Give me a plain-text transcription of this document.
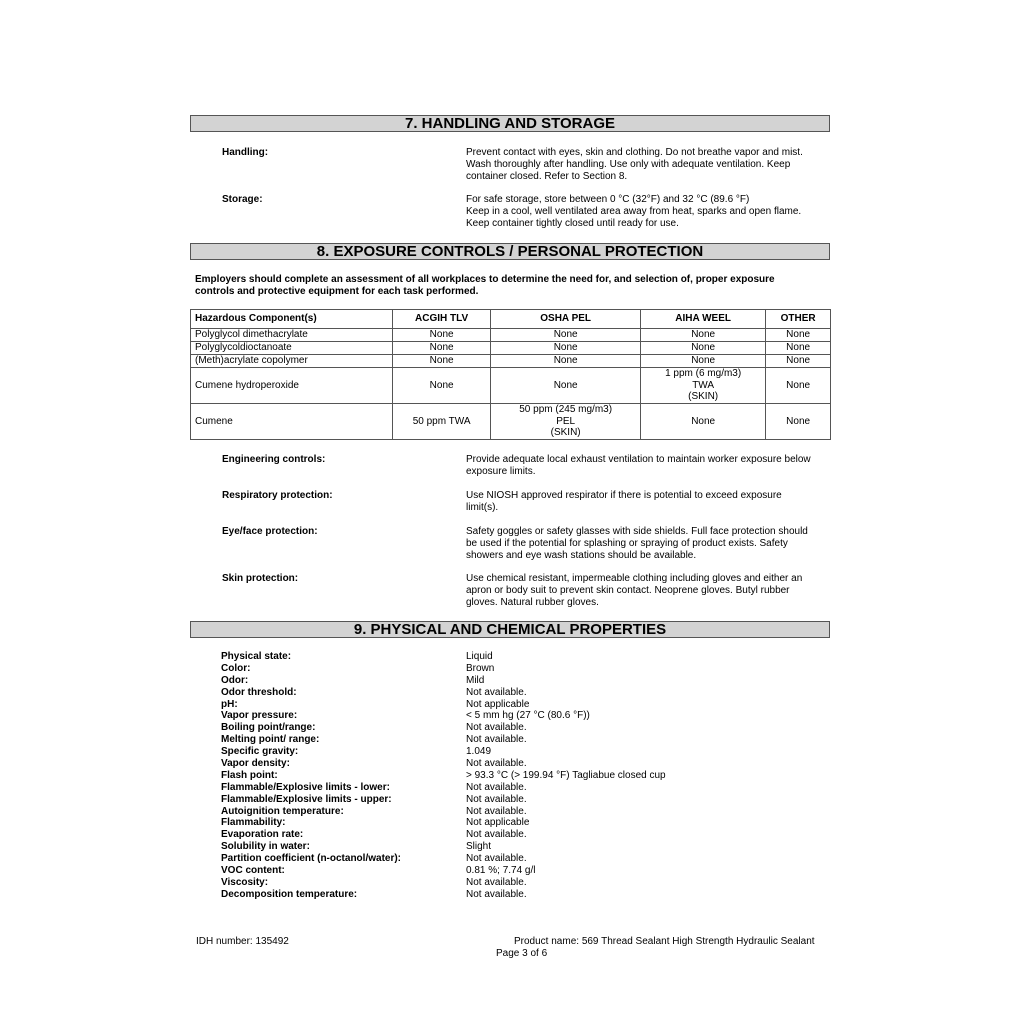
7. HANDLING AND STORAGE
Handling:	Prevent contact with eyes, skin and clothing. Do not breathe vapor and mist.
Wash thoroughly after handling. Use only with adequate ventilation. Keep
container closed. Refer to Section 8.
Storage:	For safe storage, store between 0 °C (32°F) and 32 °C (89.6 °F)
Keep in a cool, well ventilated area away from heat, sparks and open flame.
Keep container tightly closed until ready for use.
8. EXPOSURE CONTROLS / PERSONAL PROTECTION
Employers should complete an assessment of all workplaces to determine the need for, and selection of, proper exposure
controls and protective equipment for each task performed.
Hazardous Component(s)	ACGIH TLV	OSHA PEL	AIHA WEEL	OTHER

Polyglycol dimethacrylate	None	None	None	None

Polyglycoldioctanoate	None	None	None	None

(Meth)acrylate copolymer	None	None	None	None

Cumene hydroperoxide	None	None	1 ppm (6 mg/m3)
TWA
(SKIN)	None

Cumene	50 ppm TWA	50 ppm (245 mg/m3)
PEL
(SKIN)	None	None
Engineering controls:	Provide adequate local exhaust ventilation to maintain worker exposure below
exposure limits.
Respiratory protection:	Use NIOSH approved respirator if there is potential to exceed exposure
limit(s).
Eye/face protection:	Safety goggles or safety glasses with side shields. Full face protection should
be used if the potential for splashing or spraying of product exists. Safety
showers and eye wash stations should be available.
Skin protection:	Use chemical resistant, impermeable clothing including gloves and either an
apron or body suit to prevent skin contact. Neoprene gloves. Butyl rubber
gloves. Natural rubber gloves.
9. PHYSICAL AND CHEMICAL PROPERTIES
Physical state:	Liquid
Color:	Brown
Odor:	Mild
Odor threshold:	Not available.
pH:	Not applicable
Vapor pressure:	< 5 mm hg (27 °C (80.6 °F))
Boiling point/range:	Not available.
Melting point/ range:	Not available.
Specific gravity:	1.049
Vapor density:	Not available.
Flash point:	> 93.3 °C (> 199.94 °F) Tagliabue closed cup
Flammable/Explosive limits - lower:	Not available.
Flammable/Explosive limits - upper:	Not available.
Autoignition temperature:	Not available.
Flammability:	Not applicable
Evaporation rate:	Not available.
Solubility in water:	Slight
Partition coefficient (n-octanol/water):	Not available.
VOC content:	0.81 %; 7.74 g/l
Viscosity:	Not available.
Decomposition temperature:	Not available.
IDH number: 135492	Product name: 569 Thread Sealant High Strength Hydraulic Sealant
Page 3 of 6
